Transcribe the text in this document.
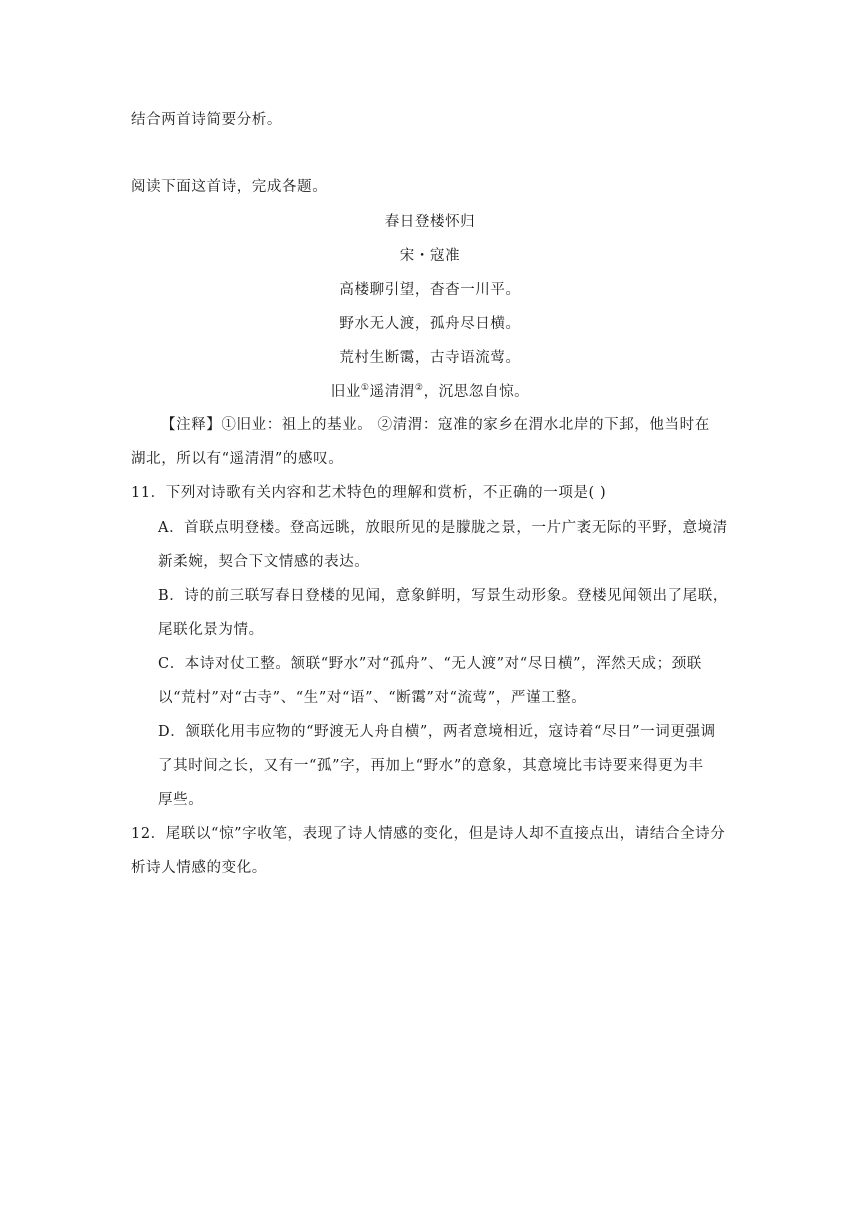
结合两首诗简要分析。
阅读下面这首诗，完成各题。
春日登楼怀归
宋・寇准
高楼聊引望，杳杳一川平。
野水无人渡，孤舟尽日横。
荒村生断霭，古寺语流莺。
旧业①遥清渭②，沉思忽自惊。
【注释】①旧业：祖上的基业。 ②清渭：寇准的家乡在渭水北岸的下邽，他当时在
湖北，所以有“遥清渭”的感叹。
11．下列对诗歌有关内容和艺术特色的理解和赏析，不正确的一项是( )
A．首联点明登楼。登高远眺，放眼所见的是朦胧之景，一片广袤无际的平野，意境清
新柔婉，契合下文情感的表达。
B．诗的前三联写春日登楼的见闻，意象鲜明，写景生动形象。登楼见闻领出了尾联，
尾联化景为情。
C．本诗对仗工整。颔联“野水”对“孤舟”、“无人渡”对“尽日横”，浑然天成；颈联
以“荒村”对“古寺”、“生”对“语”、“断霭”对“流莺”，严谨工整。
D．颔联化用韦应物的“野渡无人舟自横”，两者意境相近，寇诗着“尽日”一词更强调
了其时间之长，又有一“孤”字，再加上“野水”的意象，其意境比韦诗要来得更为丰
厚些。
12．尾联以“惊”字收笔，表现了诗人情感的变化，但是诗人却不直接点出，请结合全诗分
析诗人情感的变化。
